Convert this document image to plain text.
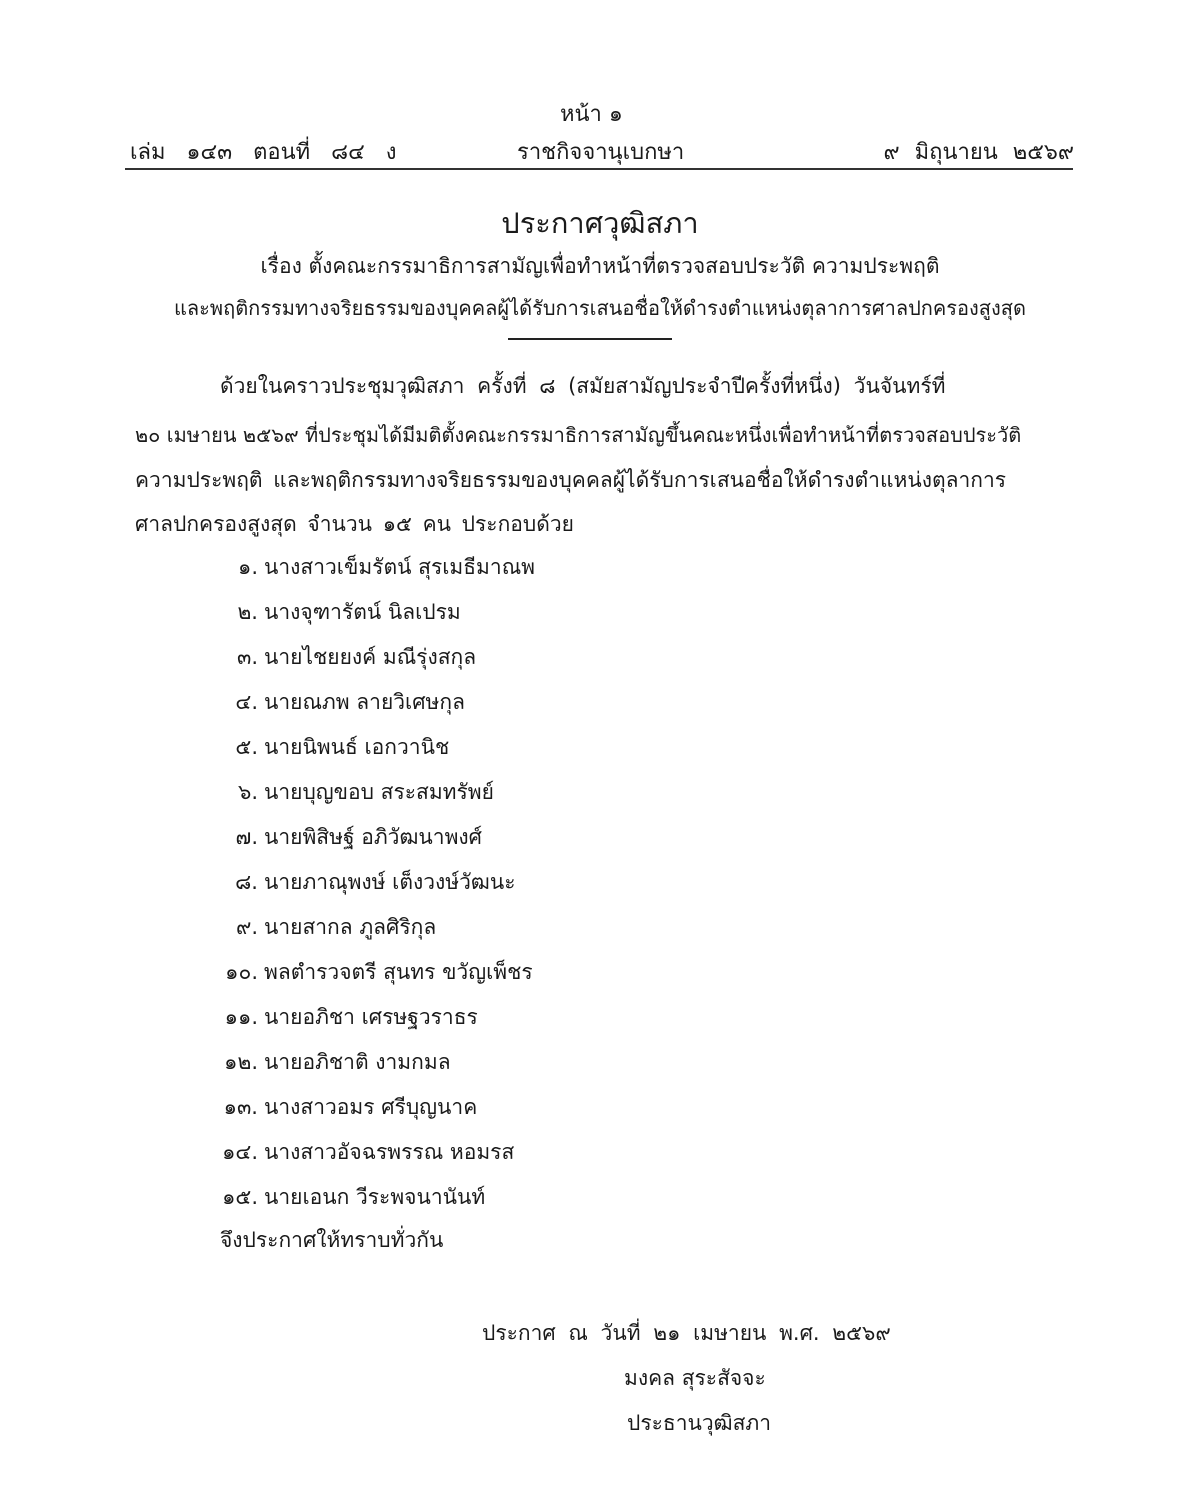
หน้า ๑
เล่ม ๑๔๓ ตอนที่ ๘๔ ง	ราชกิจจานุเบกษา	๙ มิถุนายน ๒๕๖๙
ประกาศวุฒิสภา
เรื่อง ตั้งคณะกรรมาธิการสามัญเพื่อทำหน้าที่ตรวจสอบประวัติ ความประพฤติ
และพฤติกรรมทางจริยธรรมของบุคคลผู้ได้รับการเสนอชื่อให้ดำรงตำแหน่งตุลาการศาลปกครองสูงสุด
ด้วยในคราวประชุมวุฒิสภา ครั้งที่ ๘ (สมัยสามัญประจำปีครั้งที่หนึ่ง) วันจันทร์ที่
๒๐ เมษายน ๒๕๖๙ ที่ประชุมได้มีมติตั้งคณะกรรมาธิการสามัญขึ้นคณะหนึ่งเพื่อทำหน้าที่ตรวจสอบประวัติ
ความประพฤติ และพฤติกรรมทางจริยธรรมของบุคคลผู้ได้รับการเสนอชื่อให้ดำรงตำแหน่งตุลาการ
ศาลปกครองสูงสุด จำนวน ๑๕ คน ประกอบด้วย
๑. นางสาวเข็มรัตน์ สุรเมธีมาณพ
๒. นางจุฑารัตน์ นิลเปรม
๓. นายไชยยงค์ มณีรุ่งสกุล
๔. นายณภพ ลายวิเศษกุล
๕. นายนิพนธ์ เอกวานิช
๖. นายบุญขอบ สระสมทรัพย์
๗. นายพิสิษฐ์ อภิวัฒนาพงศ์
๘. นายภาณุพงษ์ เต็งวงษ์วัฒนะ
๙. นายสากล ภูลศิริกุล
๑๐. พลตำรวจตรี สุนทร ขวัญเพ็ชร
๑๑. นายอภิชา เศรษฐวราธร
๑๒. นายอภิชาติ งามกมล
๑๓. นางสาวอมร ศรีบุญนาค
๑๔. นางสาวอัจฉรพรรณ หอมรส
๑๕. นายเอนก วีระพจนานันท์
จึงประกาศให้ทราบทั่วกัน
ประกาศ ณ วันที่ ๒๑ เมษายน พ.ศ. ๒๕๖๙
มงคล สุระสัจจะ
ประธานวุฒิสภา
